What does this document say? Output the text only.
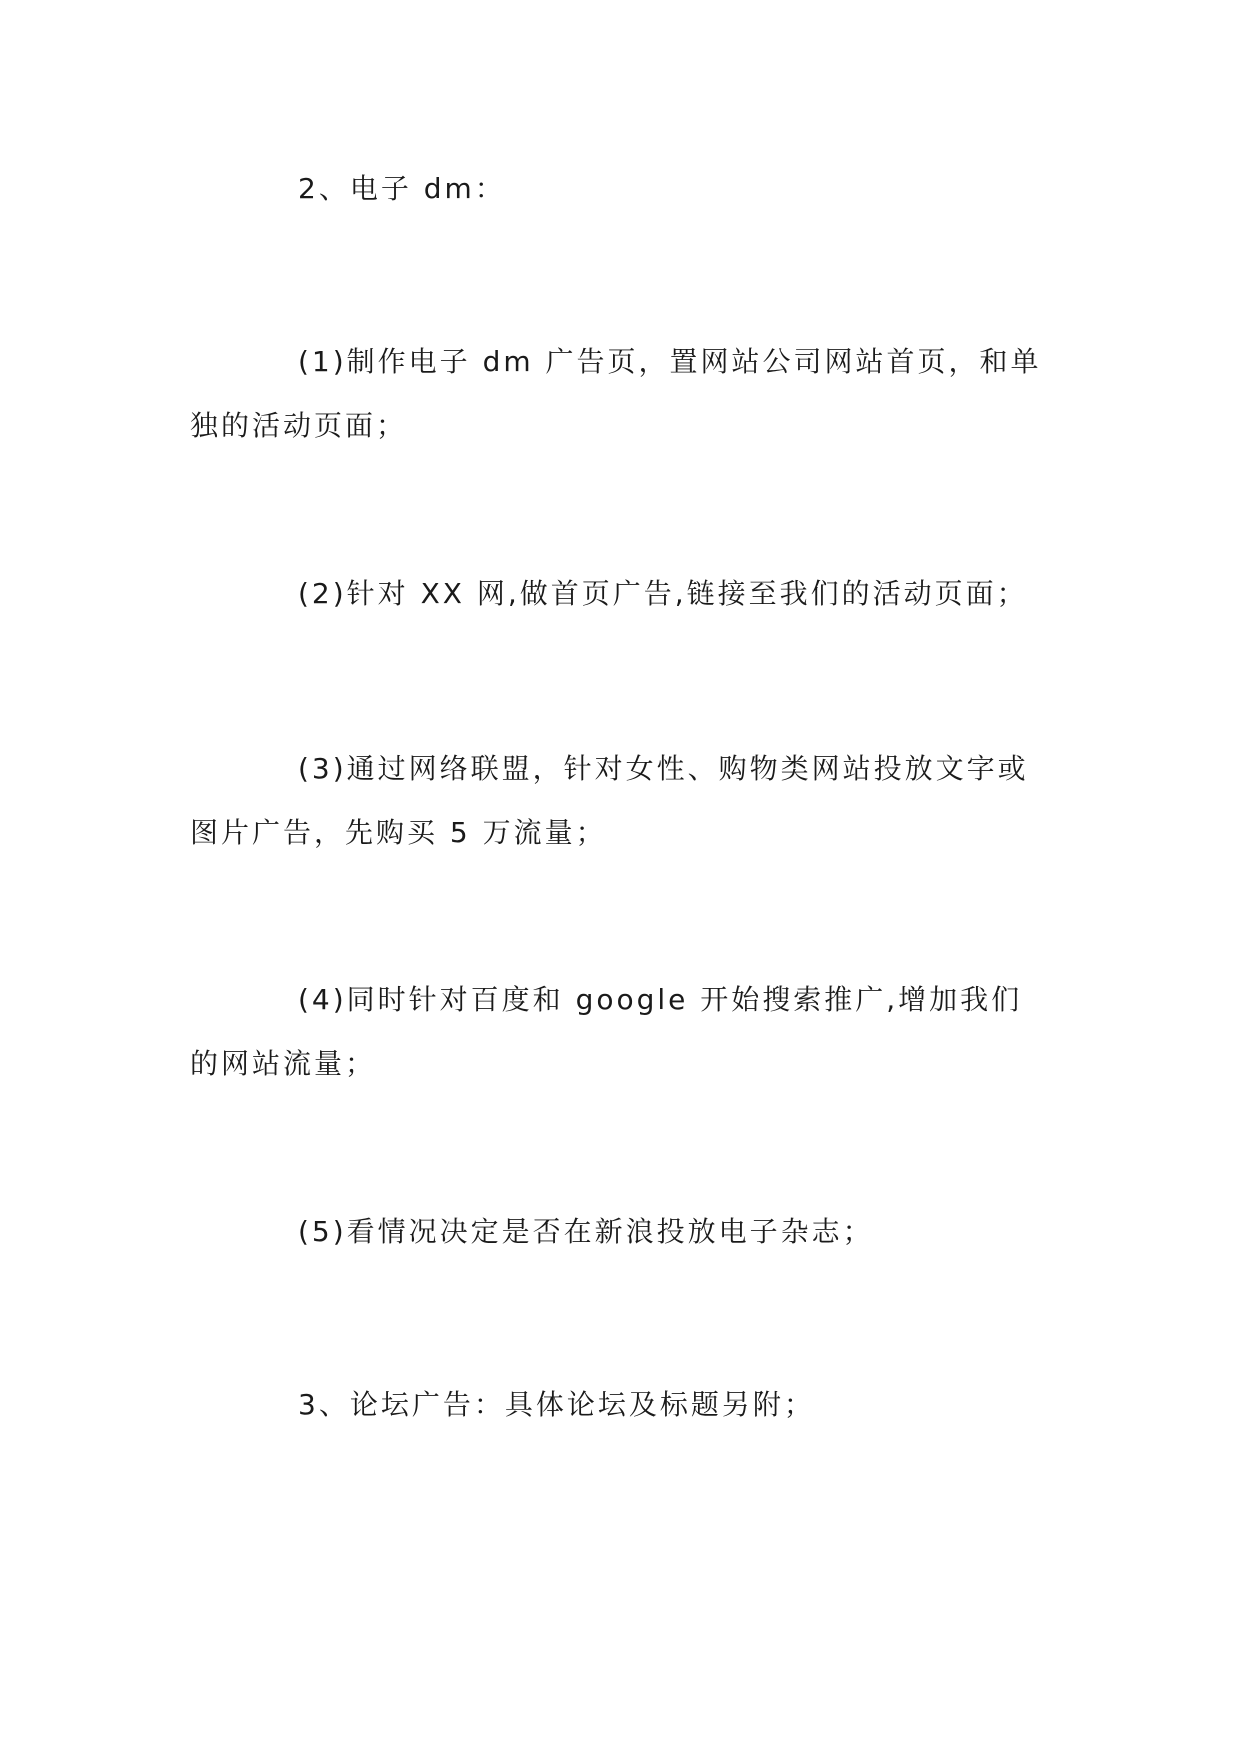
2、电子 dm：

(1)制作电子 dm 广告页，置网站公司网站首页，和单独的活动页面；

(2)针对 XX 网,做首页广告,链接至我们的活动页面；

(3)通过网络联盟，针对女性、购物类网站投放文字或图片广告，先购买 5 万流量；

(4)同时针对百度和 google 开始搜索推广,增加我们的网站流量；

(5)看情况决定是否在新浪投放电子杂志；

3、论坛广告：具体论坛及标题另附；
